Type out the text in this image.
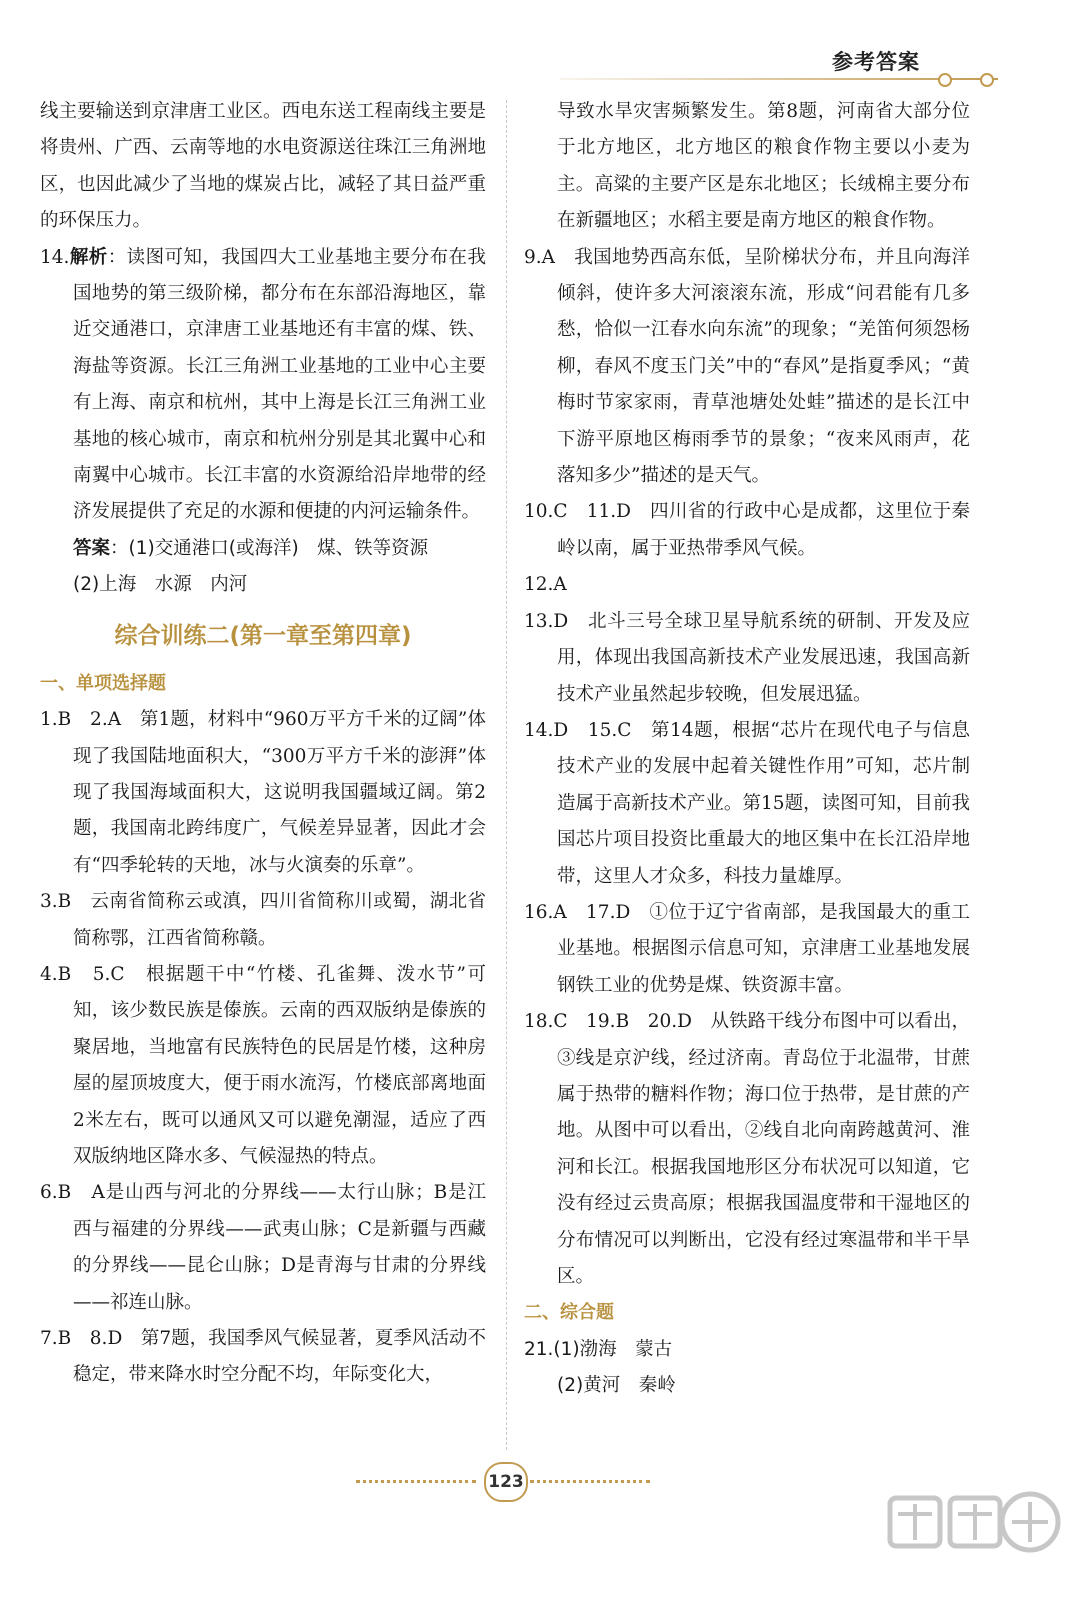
参考答案

线主要输送到京津唐工业区。西电东送工程南线主要是将贵州、广西、云南等地的水电资源送往珠江三角洲地区，也因此减少了当地的煤炭占比，减轻了其日益严重的环保压力。

14.解析：读图可知，我国四大工业基地主要分布在我国地势的第三级阶梯，都分布在东部沿海地区，靠近交通港口，京津唐工业基地还有丰富的煤、铁、海盐等资源。长江三角洲工业基地的工业中心主要有上海、南京和杭州，其中上海是长江三角洲工业基地的核心城市，南京和杭州分别是其北翼中心和南翼中心城市。长江丰富的水资源给沿岸地带的经济发展提供了充足的水源和便捷的内河运输条件。

答案：(1)交通港口(或海洋)　煤、铁等资源

(2)上海　水源　内河

综合训练二(第一章至第四章)

一、单项选择题

1.B　2.A　第1题，材料中“960万平方千米的辽阔”体现了我国陆地面积大，“300万平方千米的澎湃”体现了我国海域面积大，这说明我国疆域辽阔。第2题，我国南北跨纬度广，气候差异显著，因此才会有“四季轮转的天地，冰与火演奏的乐章”。

3.B　云南省简称云或滇，四川省简称川或蜀，湖北省简称鄂，江西省简称赣。

4.B　5.C　根据题干中“竹楼、孔雀舞、泼水节”可知，该少数民族是傣族。云南的西双版纳是傣族的聚居地，当地富有民族特色的民居是竹楼，这种房屋的屋顶坡度大，便于雨水流泻，竹楼底部离地面2米左右，既可以通风又可以避免潮湿，适应了西双版纳地区降水多、气候湿热的特点。

6.B　A是山西与河北的分界线——太行山脉；B是江西与福建的分界线——武夷山脉；C是新疆与西藏的分界线——昆仑山脉；D是青海与甘肃的分界线——祁连山脉。

7.B　8.D　第7题，我国季风气候显著，夏季风活动不稳定，带来降水时空分配不均，年际变化大，

导致水旱灾害频繁发生。第8题，河南省大部分位于北方地区，北方地区的粮食作物主要以小麦为主。高粱的主要产区是东北地区；长绒棉主要分布在新疆地区；水稻主要是南方地区的粮食作物。

9.A　我国地势西高东低，呈阶梯状分布，并且向海洋倾斜，使许多大河滚滚东流，形成“问君能有几多愁，恰似一江春水向东流”的现象；“羌笛何须怨杨柳，春风不度玉门关”中的“春风”是指夏季风；“黄梅时节家家雨，青草池塘处处蛙”描述的是长江中下游平原地区梅雨季节的景象；“夜来风雨声，花落知多少”描述的是天气。

10.C　11.D　四川省的行政中心是成都，这里位于秦岭以南，属于亚热带季风气候。

12.A

13.D　北斗三号全球卫星导航系统的研制、开发及应用，体现出我国高新技术产业发展迅速，我国高新技术产业虽然起步较晚，但发展迅猛。

14.D　15.C　第14题，根据“芯片在现代电子与信息技术产业的发展中起着关键性作用”可知，芯片制造属于高新技术产业。第15题，读图可知，目前我国芯片项目投资比重最大的地区集中在长江沿岸地带，这里人才众多，科技力量雄厚。

16.A　17.D　①位于辽宁省南部，是我国最大的重工业基地。根据图示信息可知，京津唐工业基地发展钢铁工业的优势是煤、铁资源丰富。

18.C　19.B　20.D　从铁路干线分布图中可以看出，③线是京沪线，经过济南。青岛位于北温带，甘蔗属于热带的糖料作物；海口位于热带，是甘蔗的产地。从图中可以看出，②线自北向南跨越黄河、淮河和长江。根据我国地形区分布状况可以知道，它没有经过云贵高原；根据我国温度带和干湿地区的分布情况可以判断出，它没有经过寒温带和半干旱区。

二、综合题

21.(1)渤海　蒙古

(2)黄河　秦岭

123
